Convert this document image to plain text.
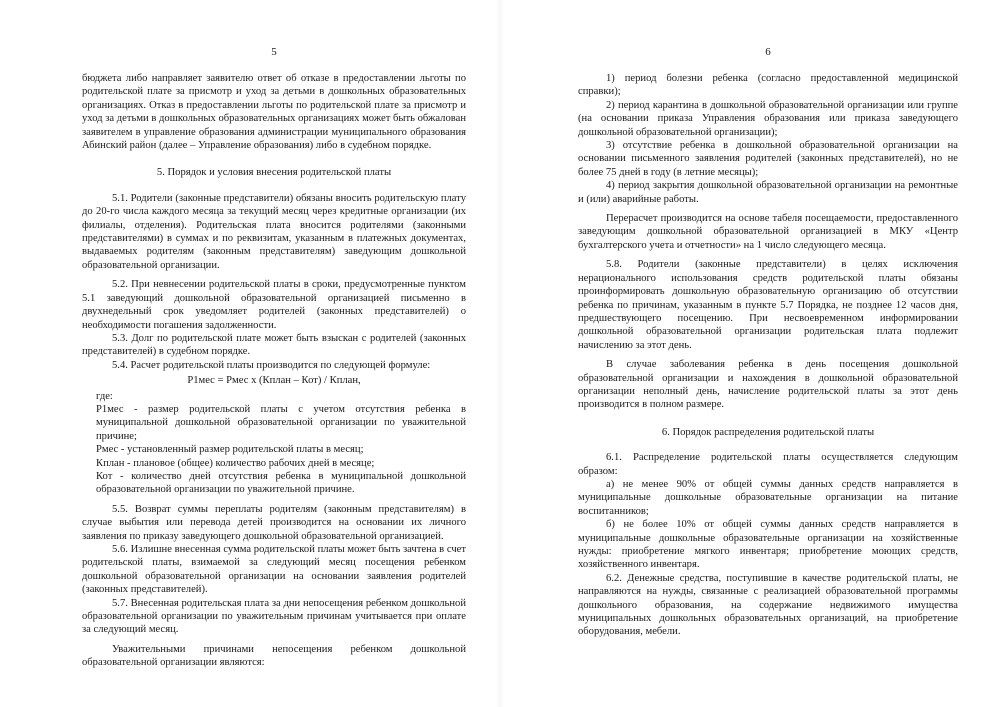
5

бюджета либо направляет заявителю ответ об отказе в предоставлении льготы по родительской плате за присмотр и уход за детьми в дошкольных образовательных организациях. Отказ в предоставлении льготы по родительской плате за присмотр и уход за детьми в дошкольных образовательных организациях может быть обжалован заявителем в управление образования администрации муниципального образования Абинский район (далее – Управление образования) либо в судебном порядке.

5. Порядок и условия внесения родительской платы

5.1. Родители (законные представители) обязаны вносить родительскую плату до 20-го числа каждого месяца за текущий месяц через кредитные организации (их филиалы, отделения). Родительская плата вносится родителями (законными представителями) в суммах и по реквизитам, указанным в платежных документах, выдаваемых родителям (законным представителям) заведующим дошкольной образовательной организации.

5.2. При невнесении родительской платы в сроки, предусмотренные пунктом 5.1 заведующий дошкольной образовательной организацией письменно в двухнедельный срок уведомляет родителей (законных представителей) о необходимости погашения задолженности.

5.3. Долг по родительской плате может быть взыскан с родителей (законных представителей) в судебном порядке.

5.4. Расчет родительской платы производится по следующей формуле:

Р1мес = Рмес х (Кплан – Кот) / Кплан,

где:

Р1мес - размер родительской платы с учетом отсутствия ребенка в муниципальной дошкольной образовательной организации по уважительной причине;

Рмес - установленный размер родительской платы в месяц;

Кплан - плановое (общее) количество рабочих дней в месяце;

Кот - количество дней отсутствия ребенка в муниципальной дошкольной образовательной организации по уважительной причине.

5.5. Возврат суммы переплаты родителям (законным представителям) в случае выбытия или перевода детей производится на основании их личного заявления по приказу заведующего дошкольной образовательной организацией.

5.6. Излишне внесенная сумма родительской платы может быть зачтена в счет родительской платы, взимаемой за следующий месяц посещения ребенком дошкольной образовательной организации на основании заявления родителей (законных представителей).

5.7. Внесенная родительская плата за дни непосещения ребенком дошкольной образовательной организации по уважительным причинам учитывается при оплате за следующий месяц.

Уважительными причинами непосещения ребенком дошкольной образовательной организации являются:

6

1) период болезни ребенка (согласно предоставленной медицинской справки);

2) период карантина в дошкольной образовательной организации или группе (на основании приказа Управления образования или приказа заведующего дошкольной образовательной организации);

3) отсутствие ребенка в дошкольной образовательной организации на основании письменного заявления родителей (законных представителей), но не более 75 дней в году (в летние месяцы);

4) период закрытия дошкольной образовательной организации на ремонтные и (или) аварийные работы.

Перерасчет производится на основе табеля посещаемости, предоставленного заведующим дошкольной образовательной организацией в МКУ «Центр бухгалтерского учета и отчетности» на 1 число следующего месяца.

5.8. Родители (законные представители) в целях исключения нерационального использования средств родительской платы обязаны проинформировать дошкольную образовательную организацию об отсутствии ребенка по причинам, указанным в пункте 5.7 Порядка, не позднее 12 часов дня, предшествующего посещению. При несвоевременном информировании дошкольной образовательной организации родительская плата подлежит начислению за этот день.

В случае заболевания ребенка в день посещения дошкольной образовательной организации и нахождения в дошкольной образовательной организации неполный день, начисление родительской платы за этот день производится в полном размере.

6. Порядок распределения родительской платы

6.1. Распределение родительской платы осуществляется следующим образом:

а) не менее 90% от общей суммы данных средств направляется в муниципальные дошкольные образовательные организации на питание воспитанников;

б) не более 10% от общей суммы данных средств направляется в муниципальные дошкольные образовательные организации на хозяйственные нужды: приобретение мягкого инвентаря; приобретение моющих средств, хозяйственного инвентаря.

6.2. Денежные средства, поступившие в качестве родительской платы, не направляются на нужды, связанные с реализацией образовательной программы дошкольного образования, на содержание недвижимого имущества муниципальных дошкольных образовательных организаций, на приобретение оборудования, мебели.
